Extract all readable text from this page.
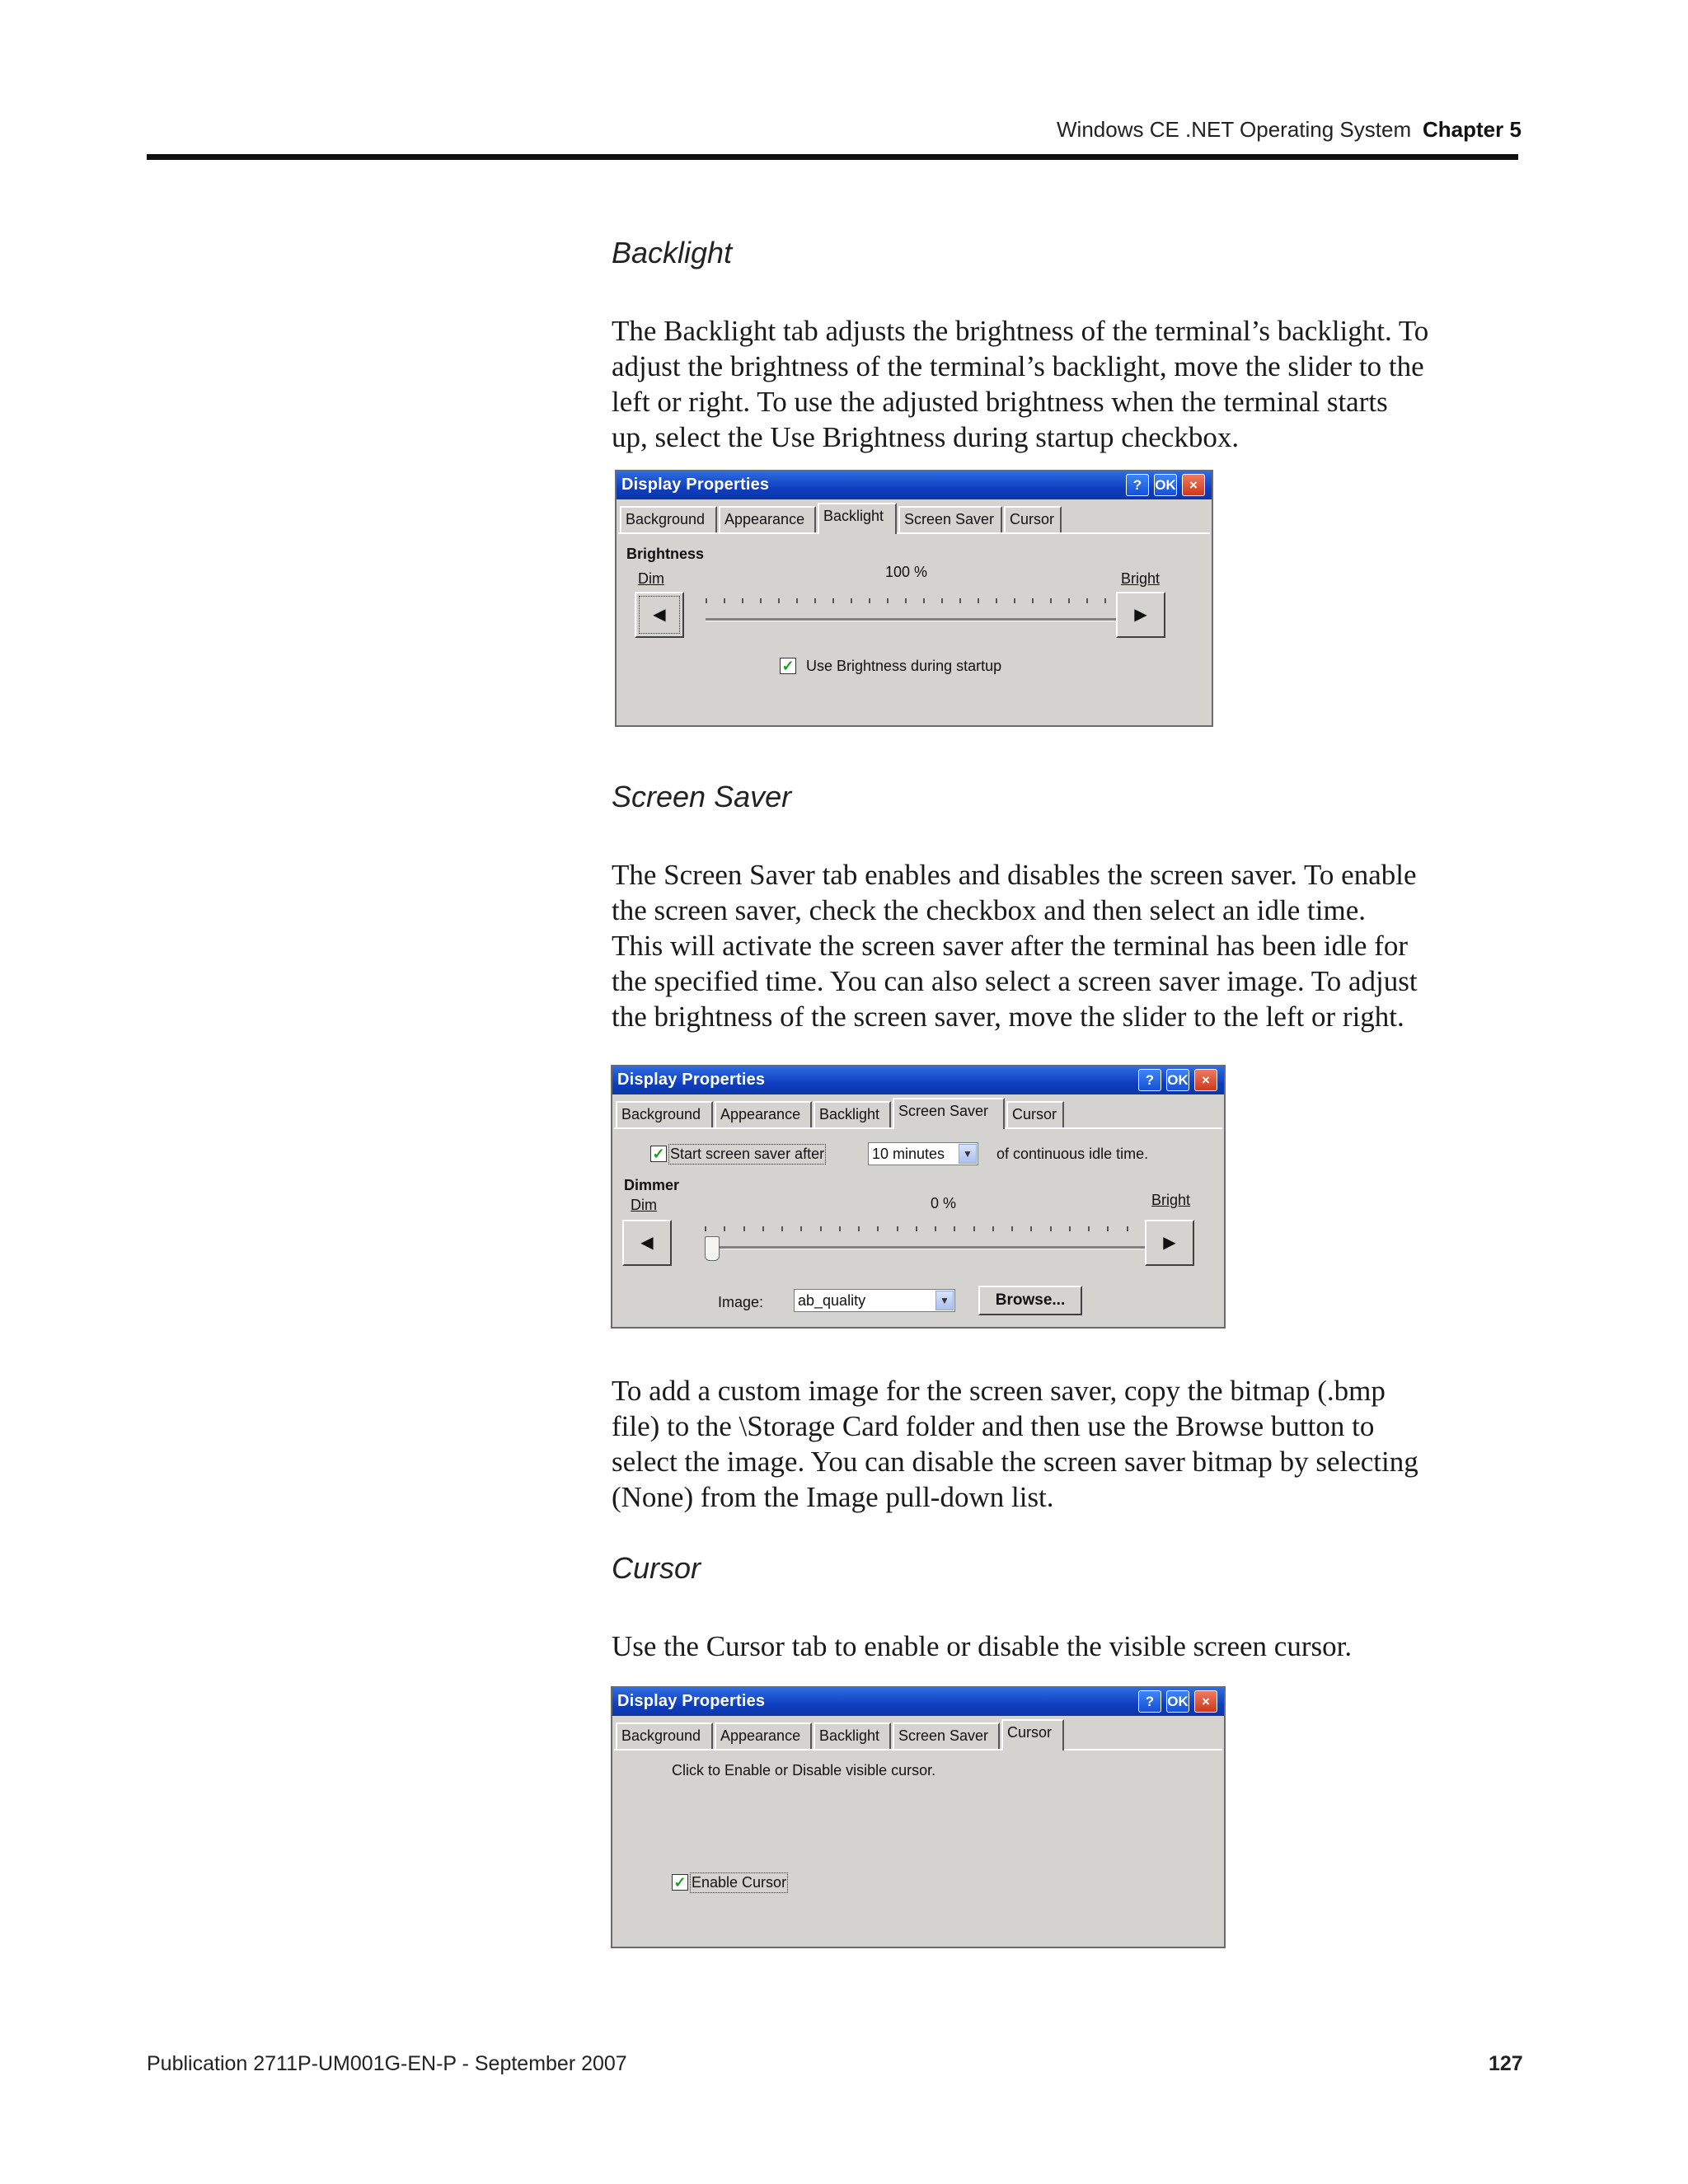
Windows CE .NET Operating System Chapter 5
Backlight
The Backlight tab adjusts the brightness of the terminal’s backlight. To
adjust the brightness of the terminal’s backlight, move the slider to the
left or right. To use the adjusted brightness when the terminal starts
up, select the Use Brightness during startup checkbox.
Display Properties	? OK ×
Background	Appearance	Backlight	Screen Saver	Cursor
Brightness
Dim	100 %	Bright
◀	▶
✓ Use Brightness during startup
Screen Saver
The Screen Saver tab enables and disables the screen saver. To enable
the screen saver, check the checkbox and then select an idle time.
This will activate the screen saver after the terminal has been idle for
the specified time. You can also select a screen saver image. To adjust
the brightness of the screen saver, move the slider to the left or right.
Display Properties	? OK ×
Background	Appearance	Backlight	Screen Saver	Cursor
✓ Start screen saver after	10 minutes	▼ of continuous idle time.
Dimmer
Dim	0 %	Bright
◀	▶
Image: ab_quality	▼	Browse...
To add a custom image for the screen saver, copy the bitmap (.bmp
file) to the \Storage Card folder and then use the Browse button to
select the image. You can disable the screen saver bitmap by selecting
(None) from the Image pull-down list.
Cursor
Use the Cursor tab to enable or disable the visible screen cursor.
Display Properties	? OK ×
Background	Appearance	Backlight	Screen Saver	Cursor
Click to Enable or Disable visible cursor.
✓ Enable Cursor
Publication 2711P-UM001G-EN-P - September 2007	127
